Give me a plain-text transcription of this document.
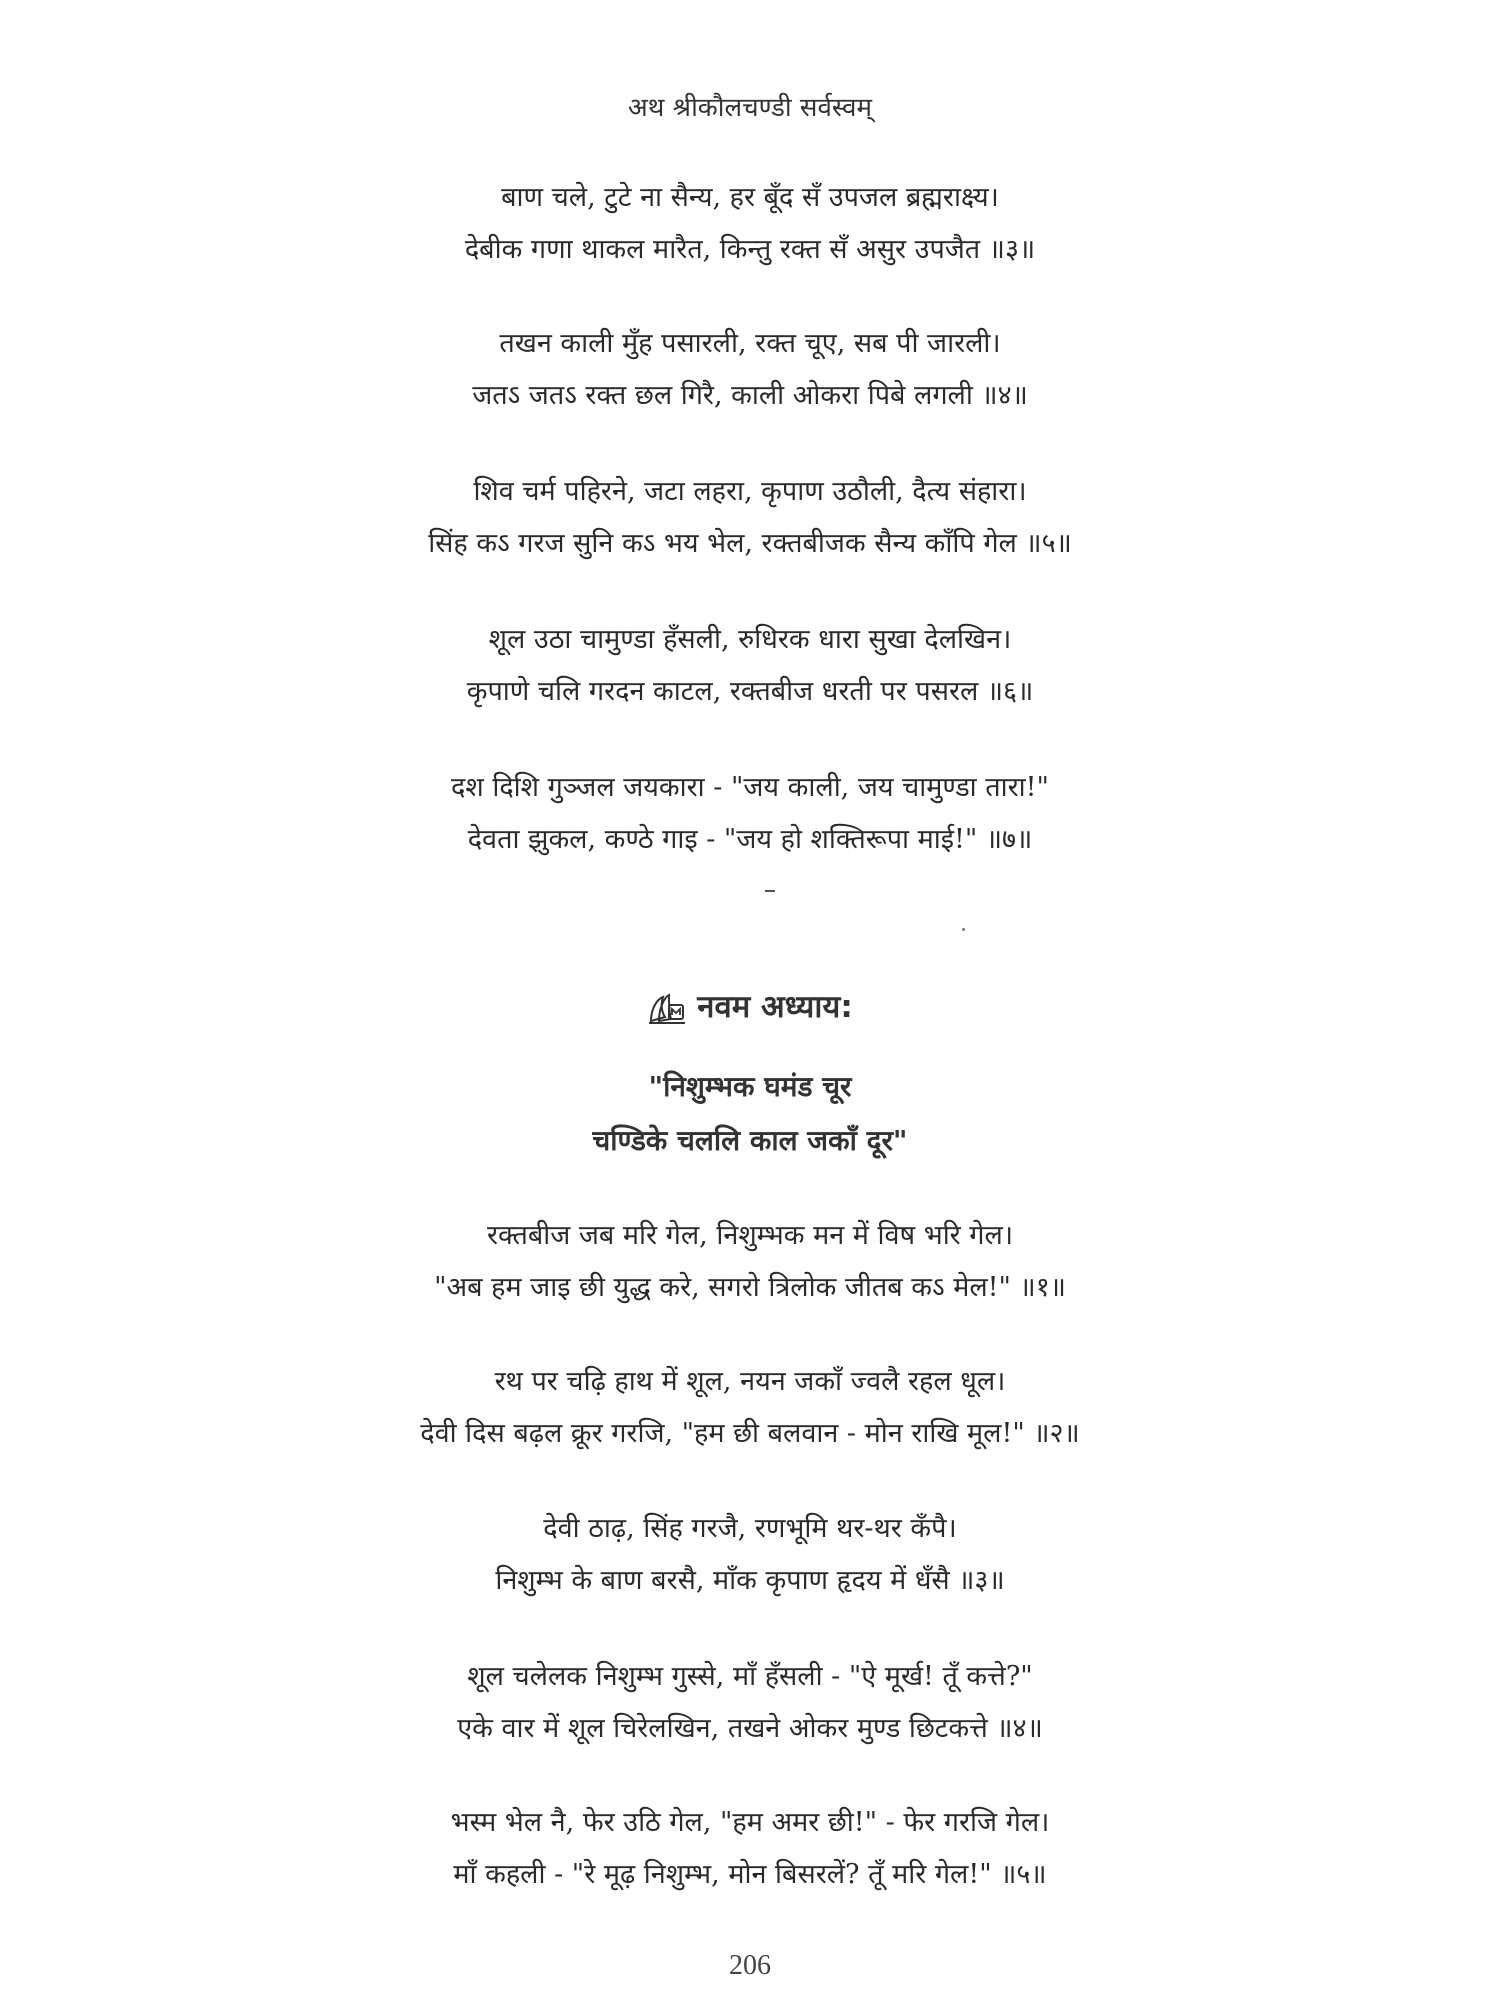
अथ श्रीकौलचण्डी सर्वस्वम्
बाण चले, टुटे ना सैन्य, हर बूँद सँ उपजल ब्रह्मराक्ष्य।
देबीक गणा थाकल मारैत, किन्तु रक्त सँ असुर उपजैत ॥३॥
तखन काली मुँह पसारली, रक्त चूए, सब पी जारली।
जतऽ जतऽ रक्त छल गिरै, काली ओकरा पिबे लगली ॥४॥
शिव चर्म पहिरने, जटा लहरा, कृपाण उठौली, दैत्य संहारा।
सिंह कऽ गरज सुनि कऽ भय भेल, रक्तबीजक सैन्य काँपि गेल ॥५॥
शूल उठा चामुण्डा हँसली, रुधिरक धारा सुखा देलखिन।
कृपाणे चलि गरदन काटल, रक्तबीज धरती पर पसरल ॥६॥
दश दिशि गुञ्जल जयकारा - "जय काली, जय चामुण्डा तारा!"
देवता झुकल, कण्ठे गाइ - "जय हो शक्तिरूपा माई!" ॥७॥
नवम अध्याय:
"निशुम्भक घमंड चूर
चण्डिके चललि काल जकाँ दूर"
रक्तबीज जब मरि गेल, निशुम्भक मन में विष भरि गेल।
"अब हम जाइ छी युद्ध करे, सगरो त्रिलोक जीतब कऽ मेल!" ॥१॥
रथ पर चढ़ि हाथ में शूल, नयन जकाँ ज्वलै रहल धूल।
देवी दिस बढ़ल क्रूर गरजि, "हम छी बलवान - मोन राखि मूल!" ॥२॥
देवी ठाढ़, सिंह गरजै, रणभूमि थर-थर कँपै।
निशुम्भ के बाण बरसै, माँक कृपाण हृदय में धँसै ॥३॥
शूल चलेलक निशुम्भ गुस्से, माँ हँसली - "ऐ मूर्ख! तूँ कत्ते?"
एके वार में शूल चिरेलखिन, तखने ओकर मुण्ड छिटकत्ते ॥४॥
भस्म भेल नै, फेर उठि गेल, "हम अमर छी!" - फेर गरजि गेल।
माँ कहली - "रे मूढ़ निशुम्भ, मोन बिसरलें? तूँ मरि गेल!" ॥५॥
206
